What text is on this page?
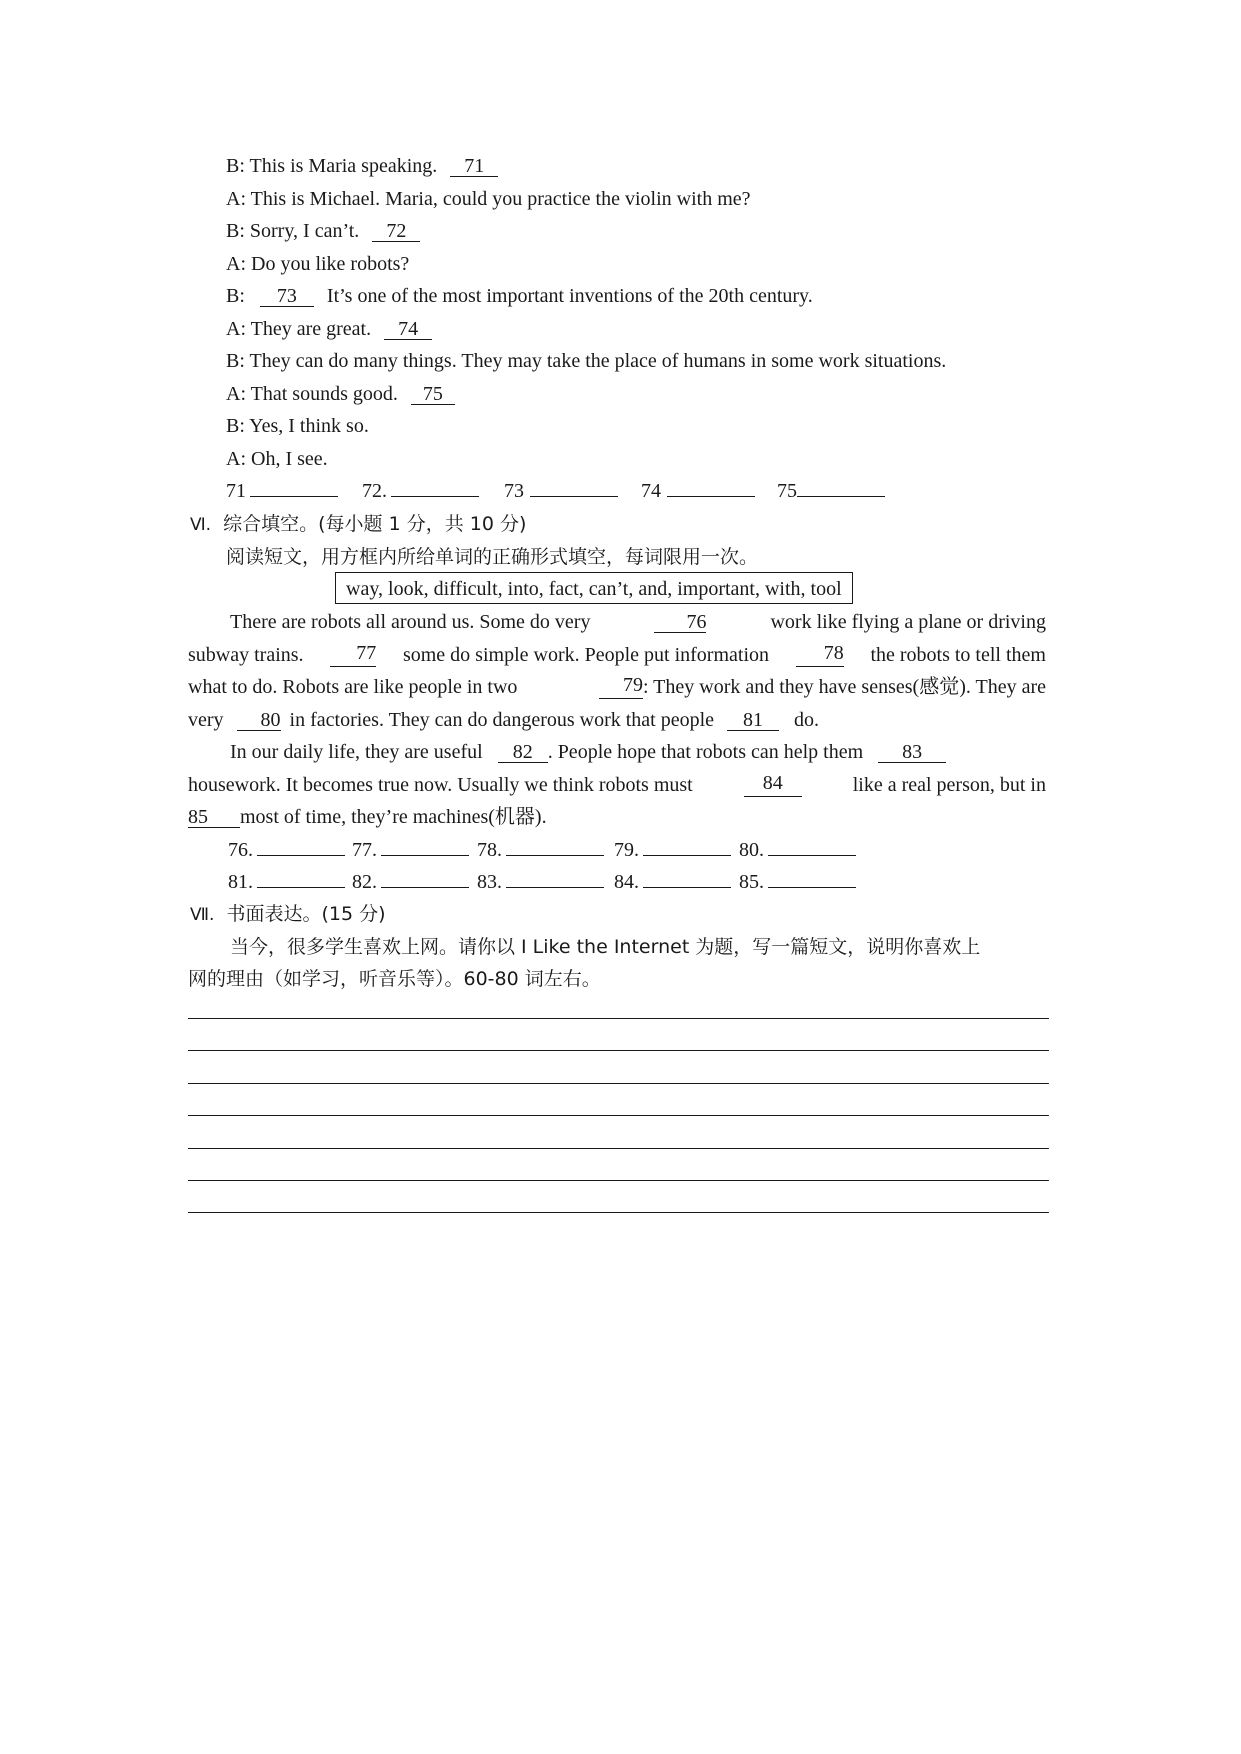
B: This is Maria speaking. 71
A: This is Michael. Maria, could you practice the violin with me?
B: Sorry, I can’t. 72
A: Do you like robots?
B: 73 It’s one of the most important inventions of the 20th century.
A: They are great. 74
B: They can do many things. They may take the place of humans in some work situations.
A: That sounds good. 75
B: Yes, I think so.
A: Oh, I see.
71	72.	73	74	75
Ⅵ. 综合填空。(每小题 1 分，共 10 分)
阅读短文，用方框内所给单词的正确形式填空，每词限用一次。
way, look, difficult, into, fact, can’t, and, important, with, tool
There are robots all around us. Some do very	76	work like flying a plane or driving
subway trains.	77 some do simple work. People put information	78 the robots to tell them
what to do. Robots are like people in two	79 : They work and they have senses(感觉). They are
very 80 in factories. They can do dangerous work that people 81 do.
In our daily life, they are useful 82 . People hope that robots can help them 83
housework. It becomes true now. Usually we think robots must	84	like a real person, but in
85 most of time, they’re machines(机器).
76.	77.	78.	79.	80.
81.	82.	83.	84.	85.
Ⅶ. 书面表达。(15 分)
当今，很多学生喜欢上网。请你以 I Like the Internet 为题，写一篇短文，说明你喜欢上
网的理由（如学习，听音乐等）。60-80 词左右。
